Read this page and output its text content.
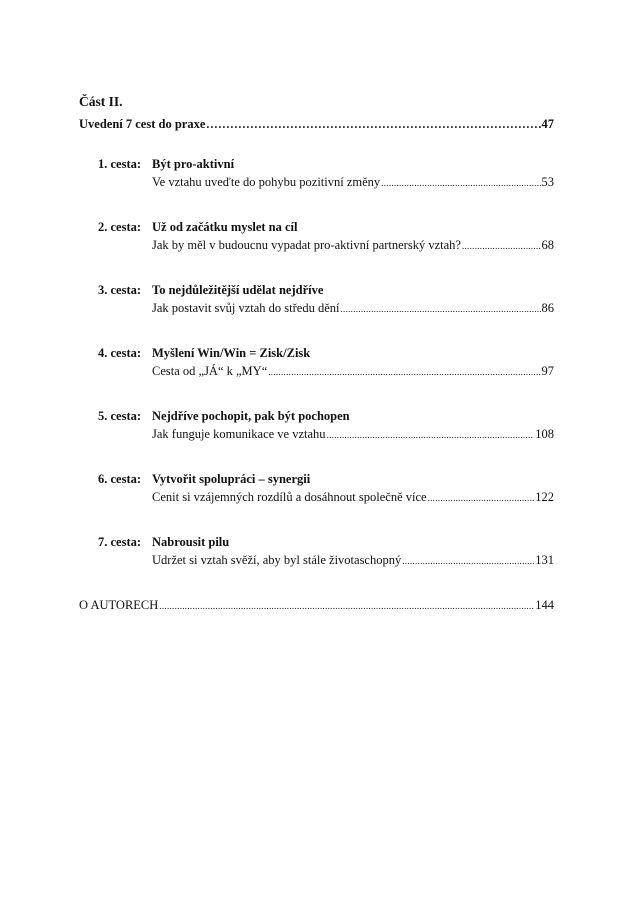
Část II.
Uvedení 7 cest do praxe .....	47
1. cesta: Být pro-aktivní
Ve vztahu uveďte do pohybu pozitivní změny .....	53
2. cesta: Už od začátku myslet na cíl
Jak by měl v budoucnu vypadat pro-aktivní partnerský vztah? .....	68
3. cesta: To nejdůležitější udělat nejdříve
Jak postavit svůj vztah do středu dění .....	86
4. cesta: Myšlení Win/Win = Zisk/Zisk
Cesta od „JÁ“ k „MY“ .....	97
5. cesta: Nejdříve pochopit, pak být pochopen
Jak funguje komunikace ve vztahu .....	108
6. cesta: Vytvořit spolupráci – synergii
Cenit si vzájemných rozdílů a dosáhnout společně více .....	122
7. cesta: Nabrousit pilu
Udržet si vztah svěží, aby byl stále životaschopný .....	131
O AUTORECH .....	144
